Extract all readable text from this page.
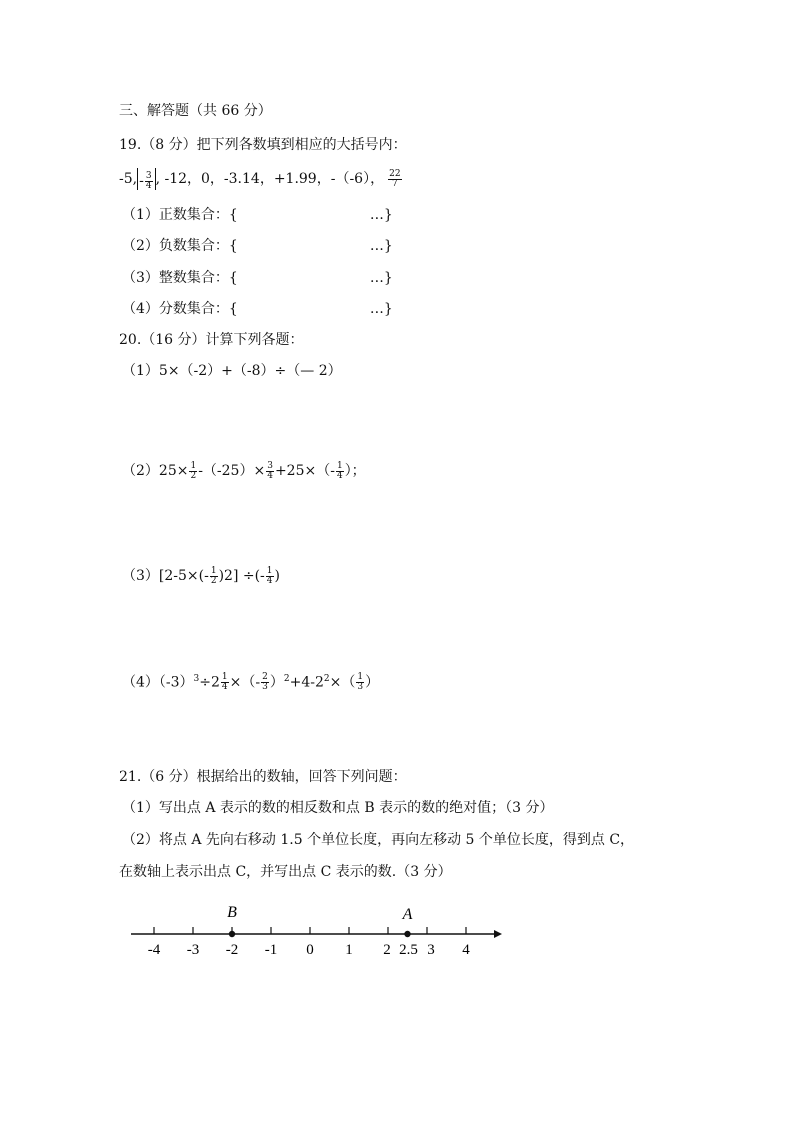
三、解答题（共 66 分）
19.（8 分）把下列各数填到相应的大括号内：
-5, - $\frac{3}{4}$ , -12，0，-3.14，+1.99，-（-6）， $\frac{22}{7}$
（1）正数集合：{	…}
（2）负数集合：{	…}
（3）整数集合：{	…}
（4）分数集合：{	…}
20.（16 分）计算下列各题：
（1）5×（-2）+（-8）÷（— 2）
$(2)25\times \frac{1}{2} -(-25)\times \frac{3}{4} +25\times(- \frac{1}{4}$ ）；
$(3)[2-5\times(- \frac{1}{2} )2]$ ÷(- $\frac{1}{4}$ )
$(4)(-3)^3\div 2 \frac{1}{4}$ ×（- $\frac{2}{3} )^2+4-2^2\times( \frac{1}{3}$ ）
21.（6 分）根据给出的数轴，回答下列问题：
（1）写出点 A 表示的数的相反数和点 B 表示的数的绝对值；（3 分）
（2）将点 A 先向右移动 1.5 个单位长度，再向左移动 5 个单位长度，得到点 C，
在数轴上表示出点 C，并写出点 C 表示的数.（3 分）
-4 -3 -2 -1 0 1 2 2.5 3 4
B	A
